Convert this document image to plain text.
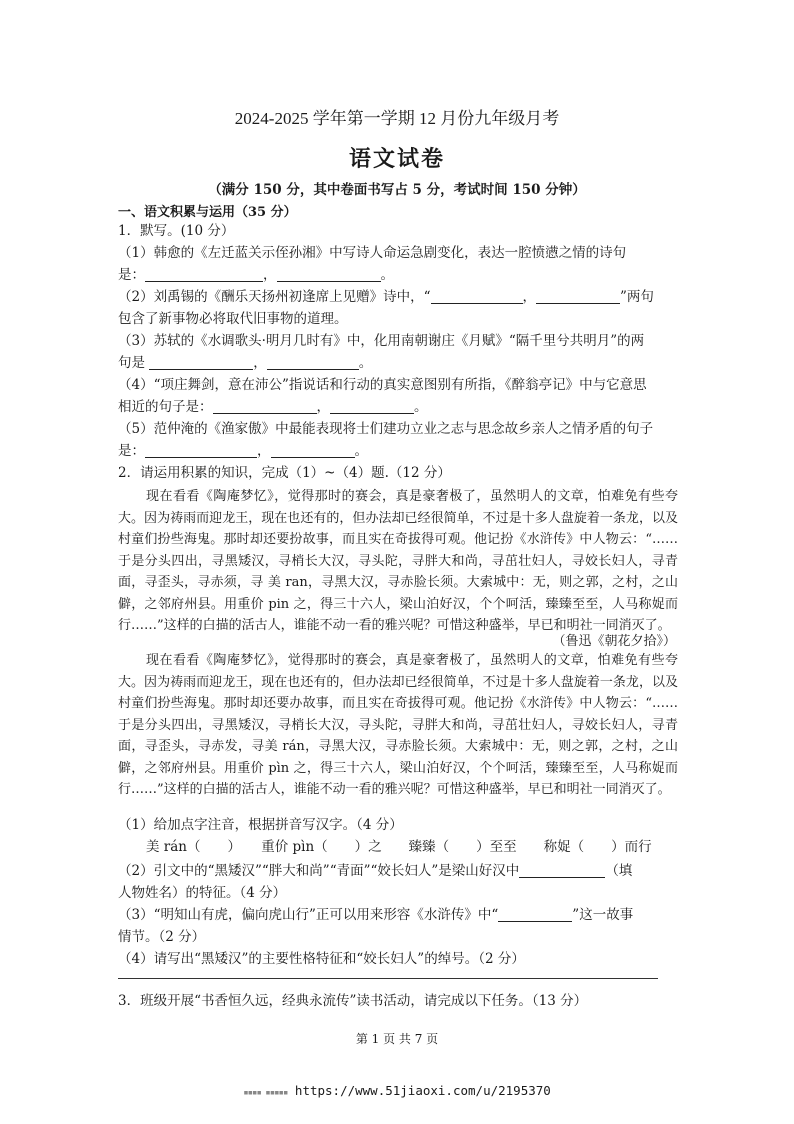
2024-2025 学年第一学期 12 月份九年级月考
语文试卷
（满分 150 分，其中卷面书写占 5 分，考试时间 150 分钟）
一、语文积累与运用（35 分）
1．默写。(10 分）
（1）韩愈的《左迁蓝关示侄孙湘》中写诗人命运急剧变化，表达一腔愤懑之情的诗句
是：	，	。
（2）刘禹锡的《酬乐天扬州初逢席上见赠》诗中，“	，	”两句
包含了新事物必将取代旧事物的道理。
（3）苏轼的《水调歌头·明月几时有》中，化用南朝谢庄《月赋》“隔千里兮共明月”的两
句是	，	。
（4）“项庄舞剑，意在沛公”指说话和行动的真实意图别有所指，《醉翁亭记》中与它意思
相近的句子是：	，	。
（5）范仲淹的《渔家傲》中最能表现将士们建功立业之志与思念故乡亲人之情矛盾的句子
是：	，	。
2．请运用积累的知识，完成（1）~（4）题.（12 分）
现在看看《陶庵梦忆》，觉得那时的赛会，真是豪奢极了，虽然明人的文章，怕难免有些夸大。因为祷雨而迎龙王，现在也还有的，但办法却已经很简单，不过是十多人盘旋着一条龙，以及村童们扮些海鬼。那时却还要扮故事，而且实在奇拔得可观。他记扮《水浒传》中人物云：“……于是分头四出，寻黑矮汉，寻梢长大汉，寻头陀，寻胖大和尚，寻茁壮妇人，寻姣长妇人，寻青面，寻歪头，寻赤须，寻 美 ran，寻黑大汉，寻赤脸长须。大索城中：无，则之郭，之村，之山僻，之邻府州县。用重价 pin 之，得三十六人，梁山泊好汉，个个呵活，臻臻至至，人马称娖而行……”这样的白描的活古人，谁能不动一看的雅兴呢？可惜这种盛举，早已和明社一同消灭了。
（鲁迅《朝花夕拾》）
现在看看《陶庵梦忆》，觉得那时的赛会，真是豪奢极了，虽然明人的文章，怕难免有些夸大。因为祷雨而迎龙王，现在也还有的，但办法却已经很简单，不过是十多人盘旋着一条龙，以及村童们扮些海鬼。那时却还要办故事，而且实在奇拔得可观。他记扮《水浒传》中人物云：“……于是分头四出，寻黑矮汉，寻梢长大汉，寻头陀，寻胖大和尚，寻茁壮妇人，寻姣长妇人，寻青面，寻歪头，寻赤发，寻美 rán，寻黑大汉，寻赤脸长须。大索城中：无，则之郭，之村，之山僻，之邻府州县。用重价 pìn 之，得三十六人，梁山泊好汉，个个呵活，臻臻至至，人马称娖而行……”这样的白描的活古人，谁能不动一看的雅兴呢？可惜这种盛举，早已和明社一同消灭了。
（1）给加点字注音，根据拼音写汉字。（4 分）
美 rán（　　）　　重价 pìn（　　）之　　臻臻（　　）至至　　称娖（　　）而行
（2）引文中的“黑矮汉”“胖大和尚”“青面”“姣长妇人”是梁山好汉中	（填
人物姓名）的特征。（4 分）
（3）“明知山有虎，偏向虎山行”正可以用来形容《水浒传》中“	”这一故事
情节。（2 分）
（4）请写出“黑矮汉”的主要性格特征和“姣长妇人”的绰号。（2 分）
3．班级开展“书香恒久远，经典永流传”读书活动，请完成以下任务。（13 分）
第 1 页 共 7 页
▪▪▪▪ ▪▪▪▪▪ https://www.51jiaoxi.com/u/2195370
